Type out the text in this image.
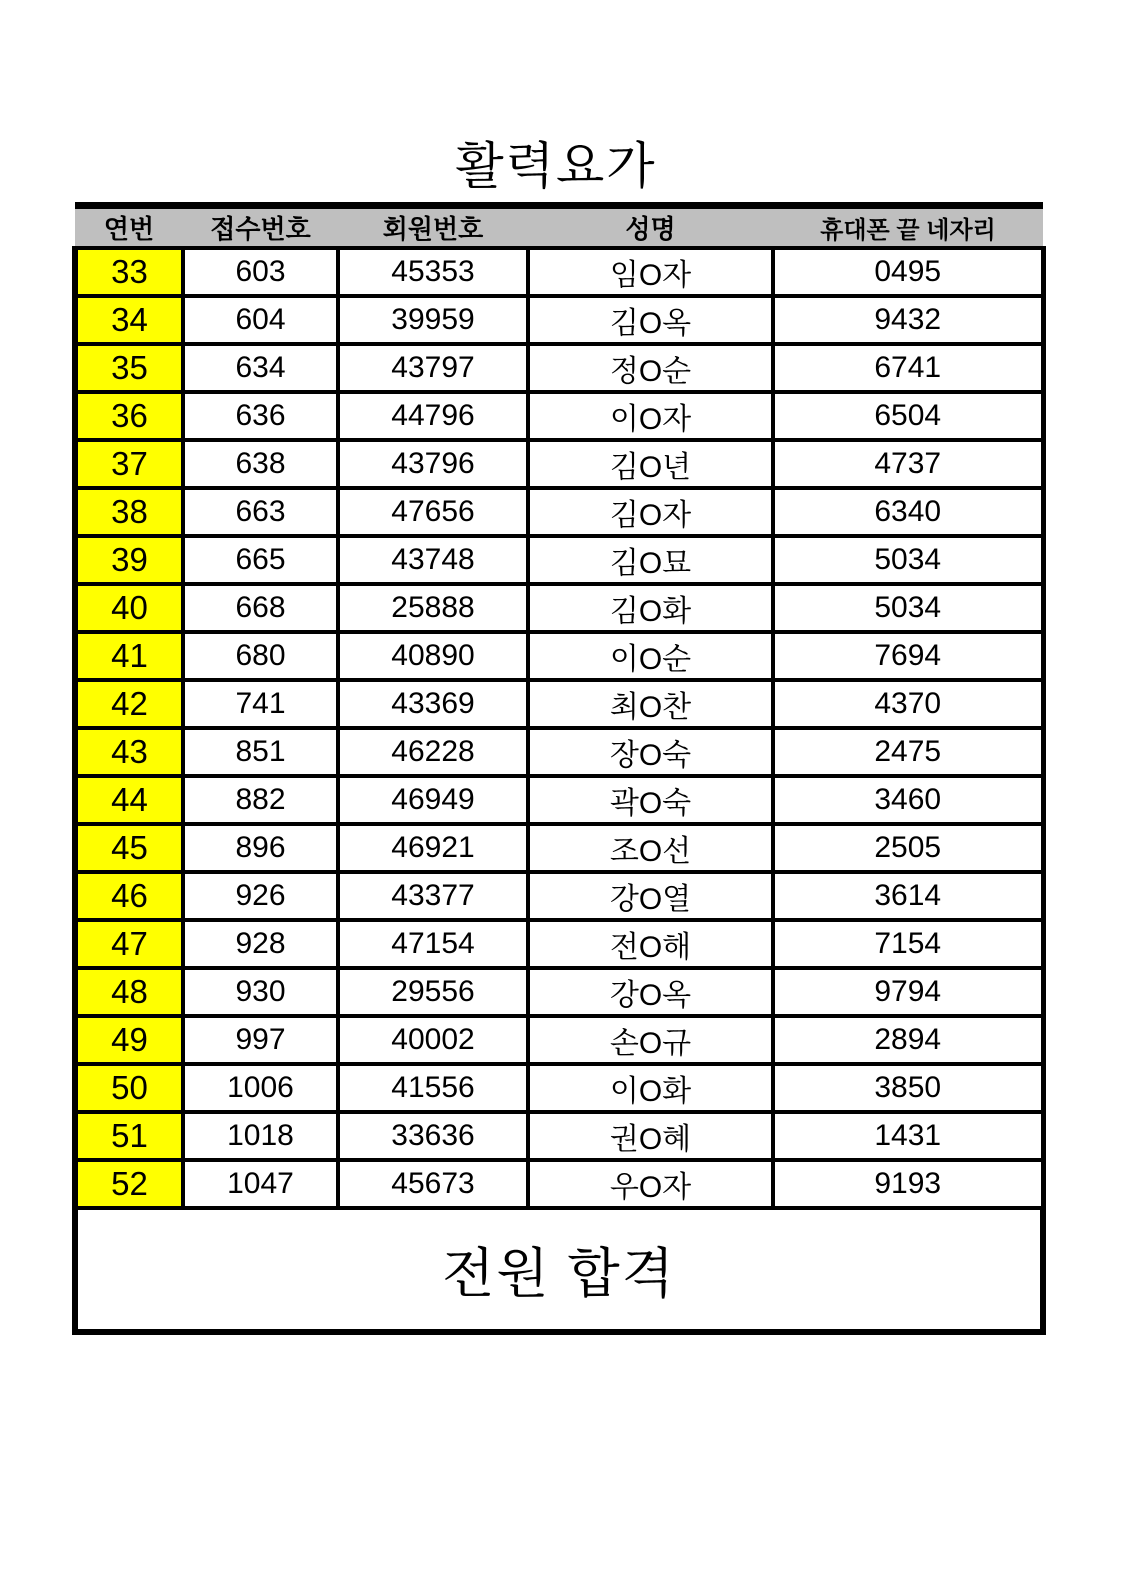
활력요가
연번	접수번호	회원번호	성명	휴대폰 끝 네자리
33	603	45353	임O자	0495
34	604	39959	김O옥	9432
35	634	43797	정O순	6741
36	636	44796	이O자	6504
37	638	43796	김O년	4737
38	663	47656	김O자	6340
39	665	43748	김O묘	5034
40	668	25888	김O화	5034
41	680	40890	이O순	7694
42	741	43369	최O찬	4370
43	851	46228	장O숙	2475
44	882	46949	곽O숙	3460
45	896	46921	조O선	2505
46	926	43377	강O열	3614
47	928	47154	전O해	7154
48	930	29556	강O옥	9794
49	997	40002	손O규	2894
50	1006	41556	이O화	3850
51	1018	33636	권O혜	1431
52	1047	45673	우O자	9193
전원 합격				
